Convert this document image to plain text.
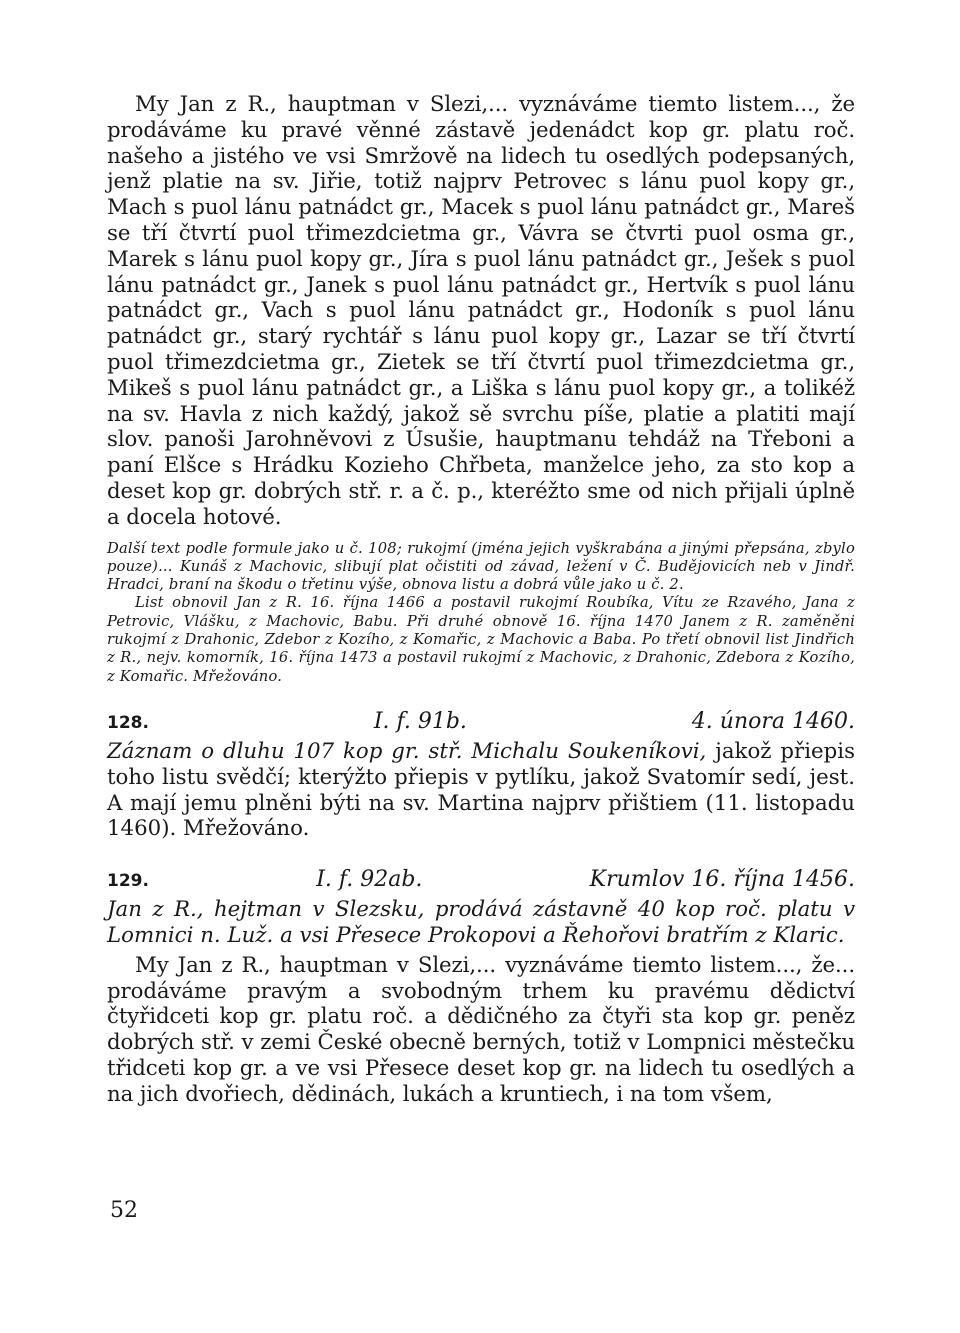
My Jan z R., hauptman v Slezi,... vyznáváme tiemto listem..., že prodáváme ku pravé věnné zástavě jedenádct kop gr. platu roč. našeho a jistého ve vsi Smržově na lidech tu osedlých podepsaných, jenž platie na sv. Jiřie, totiž najprv Petrovec s lánu puol kopy gr., Mach s puol lánu patnádct gr., Macek s puol lánu patnádct gr., Mareš se tří čtvrtí puol třimezdcietma gr., Vávra se čtvrti puol osma gr., Marek s lánu puol kopy gr., Jíra s puol lánu patnádct gr., Ješek s puol lánu patnádct gr., Janek s puol lánu patnádct gr., Hertvík s puol lánu patnádct gr., Vach s puol lánu patnádct gr., Hodoník s puol lánu patnádct gr., starý rychtář s lánu puol kopy gr., Lazar se tří čtvrtí puol třimezdcietma gr., Zietek se tří čtvrtí puol třimezdcietma gr., Mikeš s puol lánu patnádct gr., a Liška s lánu puol kopy gr., a tolikéž na sv. Havla z nich každý, jakož sě svrchu píše, platie a platiti mají slov. panoši Jarohněvovi z Úsušie, hauptmanu tehdáž na Třeboni a paní Elšce s Hrádku Kozieho Chřbeta, manželce jeho, za sto kop a deset kop gr. dobrých stř. r. a č. p., kteréžto sme od nich přijali úplně a docela hotové.

Další text podle formule jako u č. 108; rukojmí (jména jejich vyškrabána a jinými přepsána, zbylo pouze)... Kunáš z Machovic, slibují plat očistiti od závad, ležení v Č. Budějovicích neb v Jindř. Hradci, braní na škodu o třetinu výše, obnova listu a dobrá vůle jako u č. 2.

List obnovil Jan z R. 16. října 1466 a postavil rukojmí Roubíka, Vítu ze Rzavého, Jana z Petrovic, Vlášku, z Machovic, Babu. Při druhé obnově 16. října 1470 Janem z R. zaměněni rukojmí z Drahonic, Zdebor z Kozího, z Komařic, z Machovic a Baba. Po třetí obnovil list Jindřich z R., nejv. komorník, 16. října 1473 a postavil rukojmí z Machovic, z Drahonic, Zdebora z Kozího, z Komařic. Mřežováno.

128.	I. f. 91b.	4. února 1460.

Záznam o dluhu 107 kop gr. stř. Michalu Soukeníkovi, jakož přiepis toho listu svědčí; kterýžto přiepis v pytlíku, jakož Svatomír sedí, jest. A mají jemu plněni býti na sv. Martina najprv přištiem (11. listopadu 1460). Mřežováno.

129.	I. f. 92ab.	Krumlov 16. října 1456.

Jan z R., hejtman v Slezsku, prodává zástavně 40 kop roč. platu v Lomnici n. Luž. a vsi Přesece Prokopovi a Řehořovi bratřím z Klaric.

My Jan z R., hauptman v Slezi,... vyznáváme tiemto listem..., že... prodáváme pravým a svobodným trhem ku pravému dědictví čtyřidceti kop gr. platu roč. a dědičného za čtyři sta kop gr. peněz dobrých stř. v zemi České obecně berných, totiž v Lompnici městečku třidceti kop gr. a ve vsi Přesece deset kop gr. na lidech tu osedlých a na jich dvořiech, dědinách, lukách a kruntiech, i na tom všem,

52
